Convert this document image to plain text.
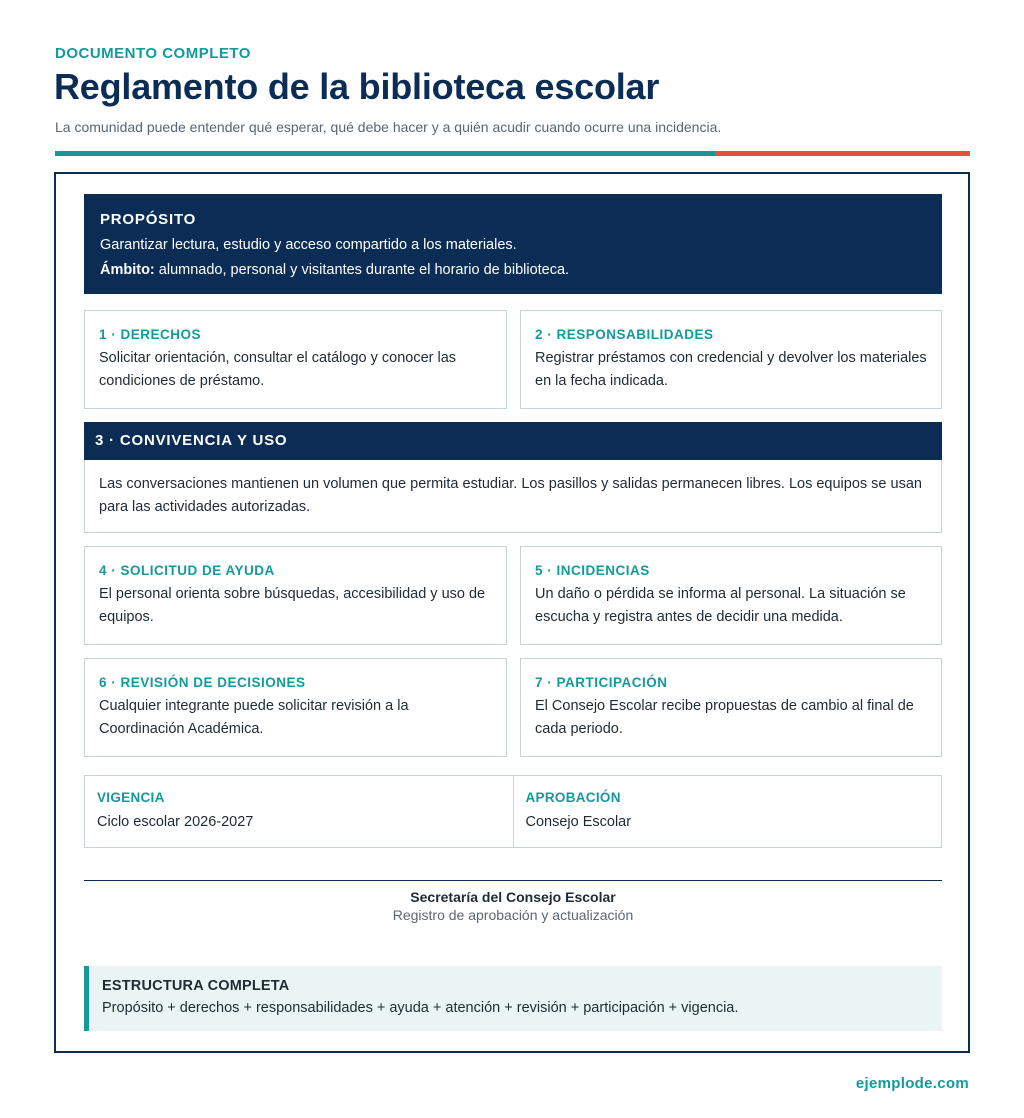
DOCUMENTO COMPLETO
Reglamento de la biblioteca escolar
La comunidad puede entender qué esperar, qué debe hacer y a quién acudir cuando ocurre una incidencia.
PROPÓSITO
Garantizar lectura, estudio y acceso compartido a los materiales.
Ámbito: alumnado, personal y visitantes durante el horario de biblioteca.
1 · DERECHOS
Solicitar orientación, consultar el catálogo y conocer las condiciones de préstamo.
2 · RESPONSABILIDADES
Registrar préstamos con credencial y devolver los materiales en la fecha indicada.
3 · CONVIVENCIA Y USO
Las conversaciones mantienen un volumen que permita estudiar. Los pasillos y salidas permanecen libres. Los equipos se usan para las actividades autorizadas.
4 · SOLICITUD DE AYUDA
El personal orienta sobre búsquedas, accesibilidad y uso de equipos.
5 · INCIDENCIAS
Un daño o pérdida se informa al personal. La situación se escucha y registra antes de decidir una medida.
6 · REVISIÓN DE DECISIONES
Cualquier integrante puede solicitar revisión a la Coordinación Académica.
7 · PARTICIPACIÓN
El Consejo Escolar recibe propuestas de cambio al final de cada periodo.
VIGENCIA
Ciclo escolar 2026-2027
APROBACIÓN
Consejo Escolar
Secretaría del Consejo Escolar
Registro de aprobación y actualización
ESTRUCTURA COMPLETA
Propósito + derechos + responsabilidades + ayuda + atención + revisión + participación + vigencia.
ejemplode.com
